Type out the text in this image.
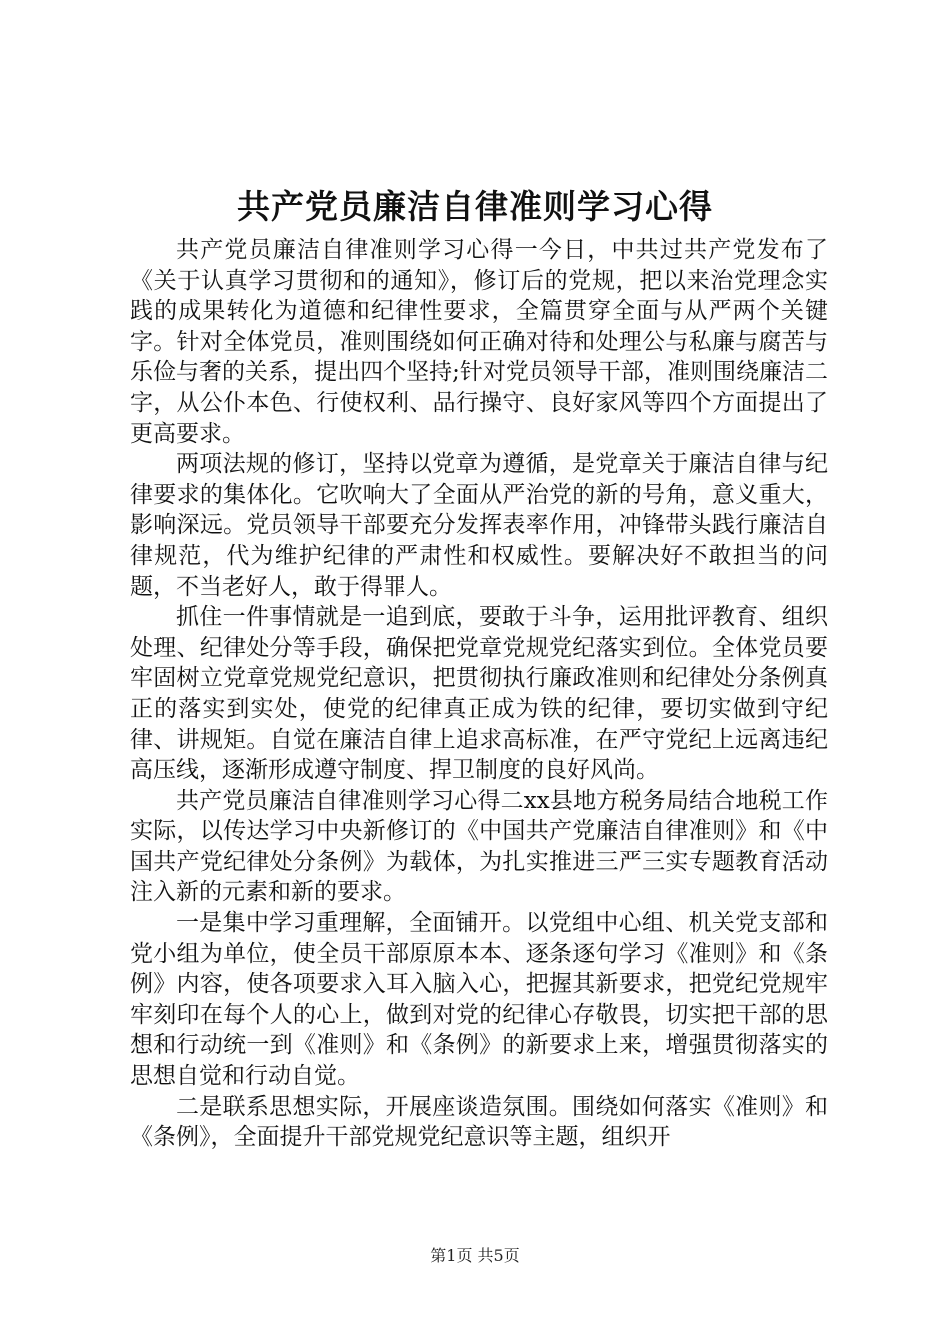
共产党员廉洁自律准则学习心得

共产党员廉洁自律准则学习心得一今日，中共过共产党发布了《关于认真学习贯彻和的通知》，修订后的党规，把以来治党理念实践的成果转化为道德和纪律性要求，全篇贯穿全面与从严两个关键字。针对全体党员，准则围绕如何正确对待和处理公与私廉与腐苦与乐俭与奢的关系，提出四个坚持;针对党员领导干部，准则围绕廉洁二字，从公仆本色、行使权利、品行操守、良好家风等四个方面提出了更高要求。

两项法规的修订，坚持以党章为遵循，是党章关于廉洁自律与纪律要求的集体化。它吹响大了全面从严治党的新的号角，意义重大，影响深远。党员领导干部要充分发挥表率作用，冲锋带头践行廉洁自律规范，代为维护纪律的严肃性和权威性。要解决好不敢担当的问题，不当老好人，敢于得罪人。

抓住一件事情就是一追到底，要敢于斗争，运用批评教育、组织处理、纪律处分等手段，确保把党章党规党纪落实到位。全体党员要牢固树立党章党规党纪意识，把贯彻执行廉政准则和纪律处分条例真正的落实到实处，使党的纪律真正成为铁的纪律，要切实做到守纪律、讲规矩。自觉在廉洁自律上追求高标准，在严守党纪上远离违纪高压线，逐渐形成遵守制度、捍卫制度的良好风尚。

共产党员廉洁自律准则学习心得二xx县地方税务局结合地税工作实际，以传达学习中央新修订的《中国共产党廉洁自律准则》和《中国共产党纪律处分条例》为载体，为扎实推进三严三实专题教育活动注入新的元素和新的要求。

一是集中学习重理解，全面铺开。以党组中心组、机关党支部和党小组为单位，使全员干部原原本本、逐条逐句学习《准则》和《条例》内容，使各项要求入耳入脑入心，把握其新要求，把党纪党规牢牢刻印在每个人的心上，做到对党的纪律心存敬畏，切实把干部的思想和行动统一到《准则》和《条例》的新要求上来，增强贯彻落实的思想自觉和行动自觉。

二是联系思想实际，开展座谈造氛围。围绕如何落实《准则》和《条例》，全面提升干部党规党纪意识等主题，组织开

第1页 共5页
